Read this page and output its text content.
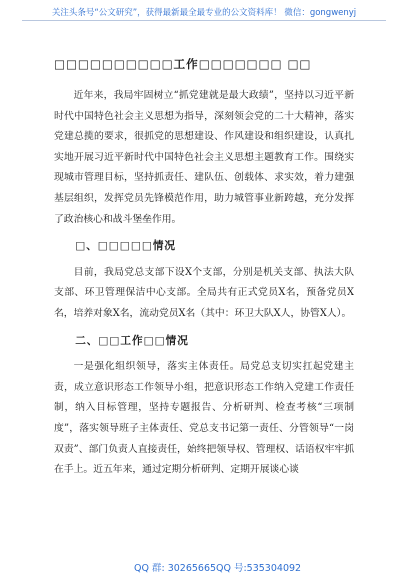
关注头条号“公文研究”，获得最新最全最专业的公文资料库！ 微信：gongwenyj
□□□□□□□□□□工作□□□□□□□ □□

近年来，我局牢固树立“抓党建就是最大政绩”，坚持以习近平新时代中国特色社会主义思想为指导，深刻领会党的二十大精神，落实党建总揽的要求，很抓党的思想建设、作风建设和组织建设，认真扎实地开展习近平新时代中国特色社会主义思想主题教育工作。围绕实现城市管理目标，坚持抓责任、建队伍、创载体、求实效，着力建强基层组织，发挥党员先锋模范作用，助力城管事业新跨越，充分发挥了政治核心和战斗堡垒作用。

□、□□□□□情况

目前，我局党总支部下设X个支部，分别是机关支部、执法大队支部、环卫管理保洁中心支部。全局共有正式党员X名，预备党员X名，培养对象X名，流动党员X名（其中：环卫大队X人，协管X人）。

二、□□工作□□情况

一是强化组织领导，落实主体责任。局党总支切实扛起党建主责，成立意识形态工作领导小组，把意识形态工作纳入党建工作责任制，纳入目标管理，坚持专题报告、分析研判、检查考核“三项制度”，落实领导班子主体责任、党总支书记第一责任、分管领导“一岗双责”、部门负责人直接责任，始终把领导权、管理权、话语权牢牢抓在手上。近五年来，通过定期分析研判、定期开展谈心谈

QQ 群: 30265665 QQ 号:535304092
